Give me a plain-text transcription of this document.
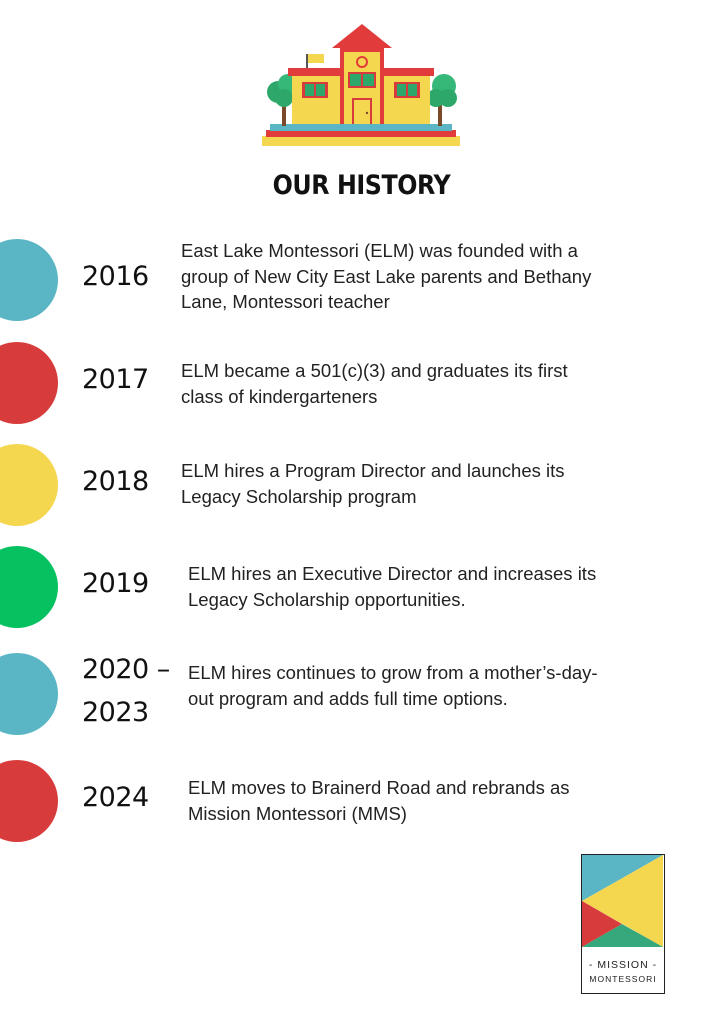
OUR HISTORY
2016
East Lake Montessori (ELM) was founded with a group of New City East Lake parents and Bethany Lane, Montessori teacher
2017 ELM became a 501(c)(3) and graduates its first class of kindergarteners
2018 ELM hires a Program Director and launches its Legacy Scholarship program
2019 ELM hires an Executive Director and increases its Legacy Scholarship opportunities.
2020 –2023
ELM hires continues to grow from a mother’s-day-out program and adds full time options.
2024 ELM moves to Brainerd Road and rebrands as Mission Montessori (MMS)
- MISSION -
MONTESSORI
